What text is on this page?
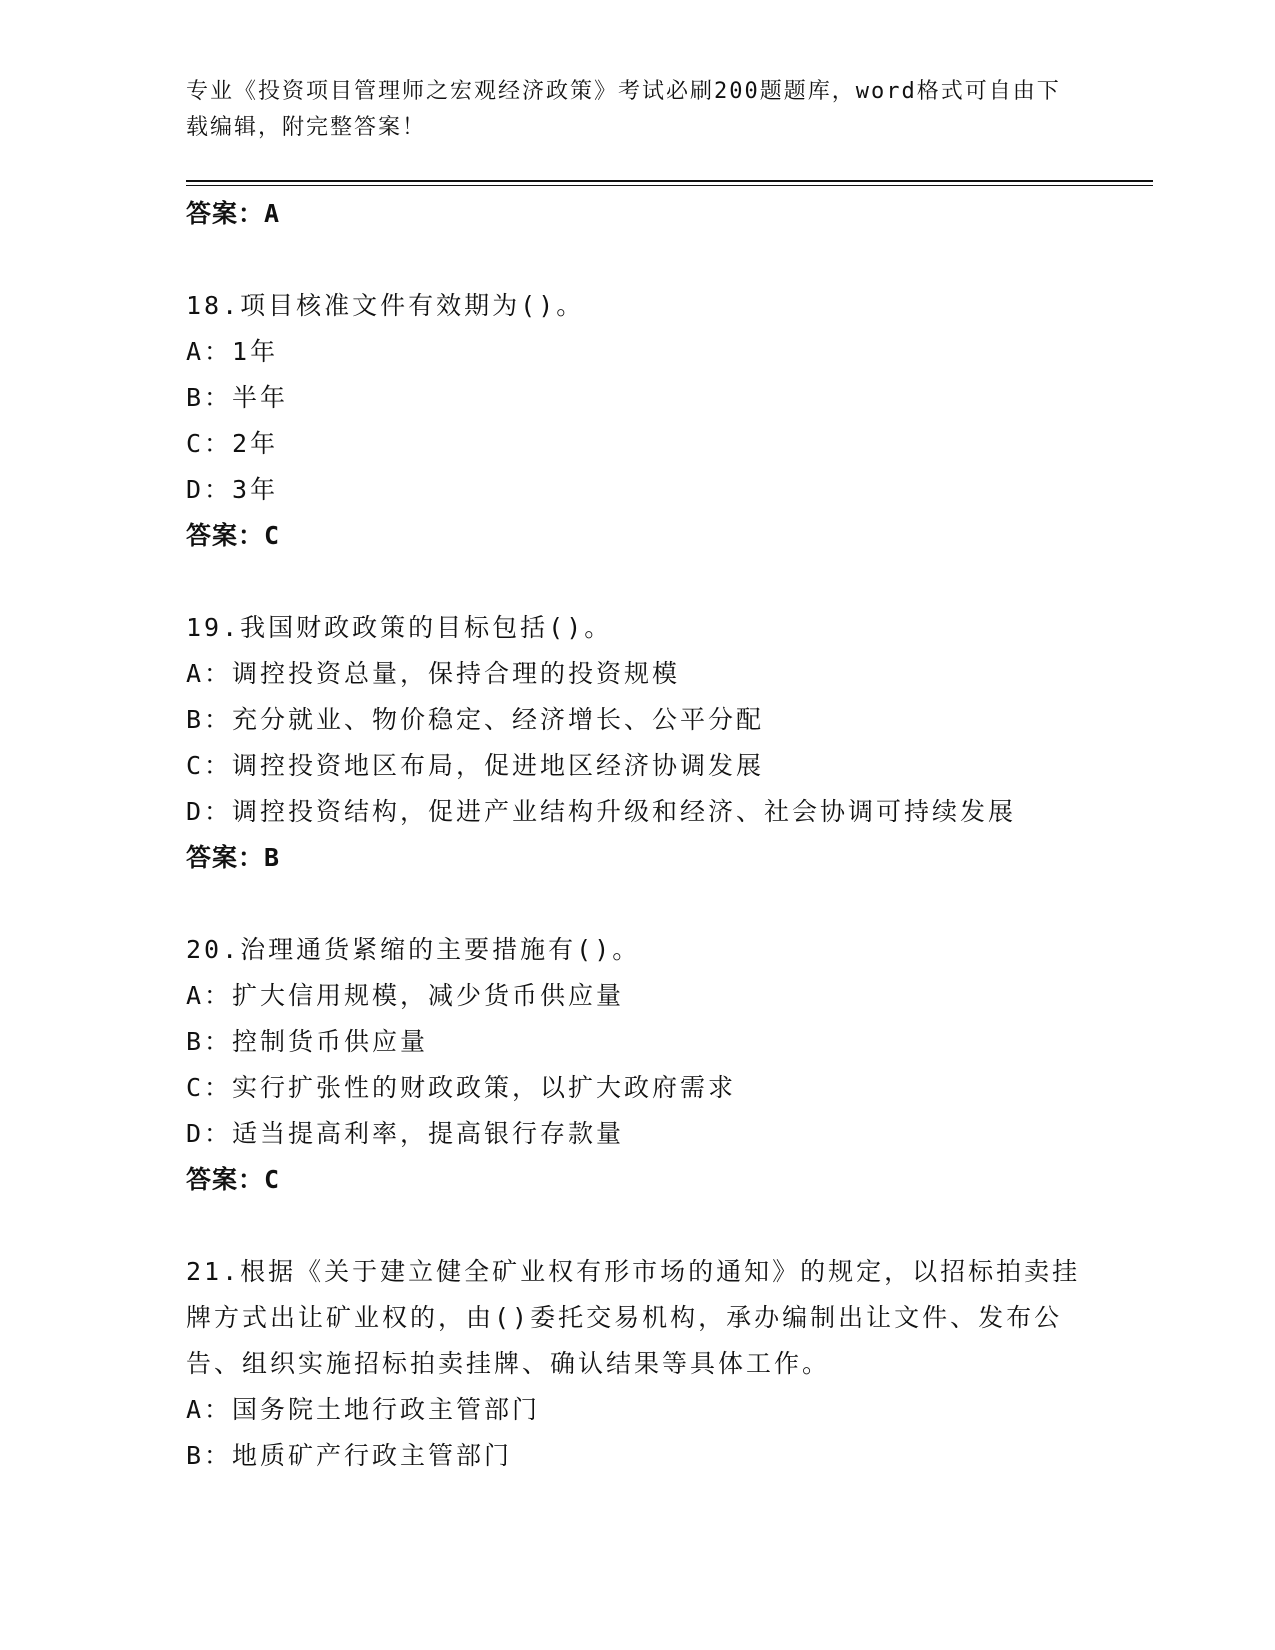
专业《投资项目管理师之宏观经济政策》考试必刷200题题库，word格式可自由下载编辑，附完整答案！
答案：A
18.项目核准文件有效期为()。
A：1年
B：半年
C：2年
D：3年
答案：C
19.我国财政政策的目标包括()。
A：调控投资总量，保持合理的投资规模
B：充分就业、物价稳定、经济增长、公平分配
C：调控投资地区布局，促进地区经济协调发展
D：调控投资结构，促进产业结构升级和经济、社会协调可持续发展
答案：B
20.治理通货紧缩的主要措施有()。
A：扩大信用规模，减少货币供应量
B：控制货币供应量
C：实行扩张性的财政政策，以扩大政府需求
D：适当提高利率，提高银行存款量
答案：C
21.根据《关于建立健全矿业权有形市场的通知》的规定，以招标拍卖挂牌方式出让矿业权的，由()委托交易机构，承办编制出让文件、发布公告、组织实施招标拍卖挂牌、确认结果等具体工作。
A：国务院土地行政主管部门
B：地质矿产行政主管部门
